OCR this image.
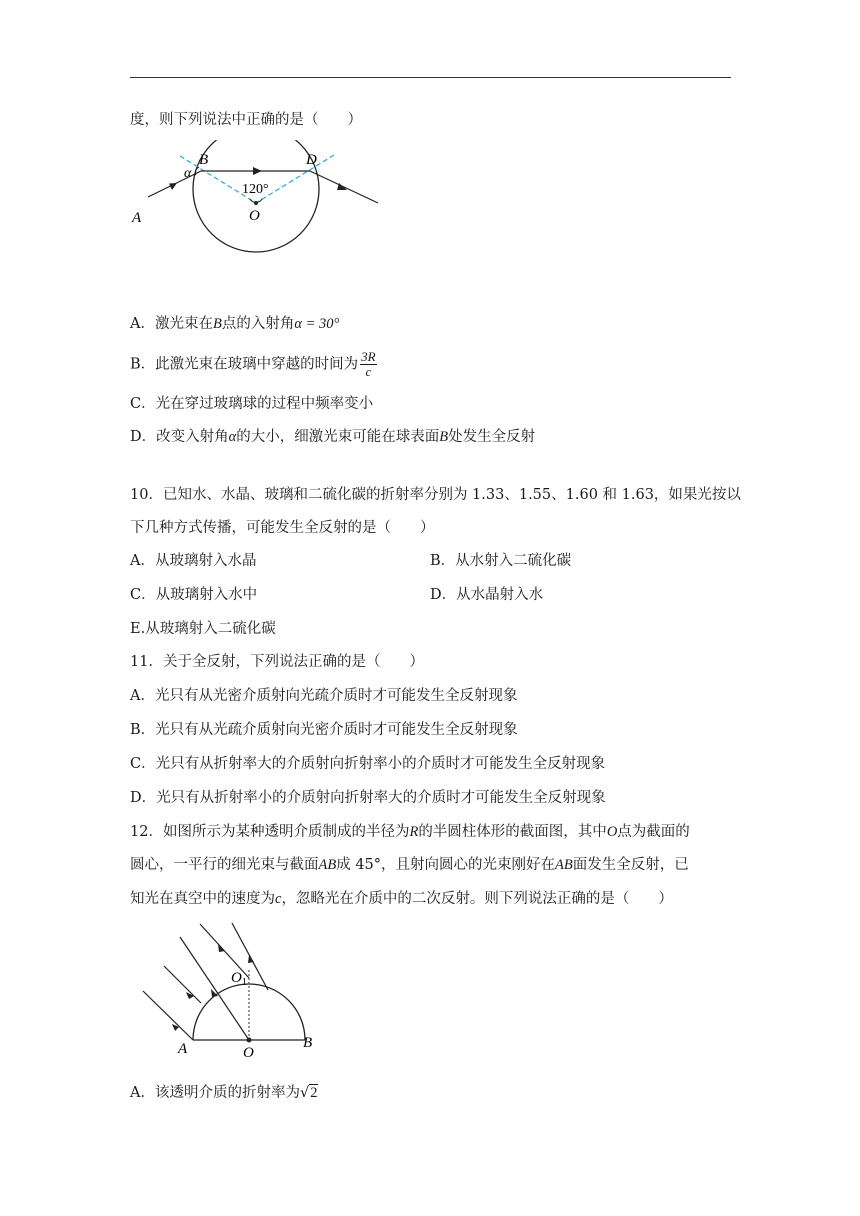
度，则下列说法中正确的是（　　）
B	D
α
120°
O
A
A．激光束在B点的入射角α = 30°
B．此激光束在玻璃中穿越的时间为 $\frac{3R}{c}$
C．光在穿过玻璃球的过程中频率变小
D．改变入射角α的大小，细激光束可能在球表面B处发生全反射
10．已知水、水晶、玻璃和二硫化碳的折射率分别为 1.33、1.55、1.60 和 1.63，如果光按以
下几种方式传播，可能发生全反射的是（　　）
A．从玻璃射入水晶	B．从水射入二硫化碳
C．从玻璃射入水中	D．从水晶射入水
E.从玻璃射入二硫化碳
11．关于全反射，下列说法正确的是（　　）
A．光只有从光密介质射向光疏介质时才可能发生全反射现象
B．光只有从光疏介质射向光密介质时才可能发生全反射现象
C．光只有从折射率大的介质射向折射率小的介质时才可能发生全反射现象
D．光只有从折射率小的介质射向折射率大的介质时才可能发生全反射现象
12．如图所示为某种透明介质制成的半径为R的半圆柱体形的截面图，其中O点为截面的
圆心，一平行的细光束与截面AB成 45°，且射向圆心的光束刚好在AB面发生全反射，已
知光在真空中的速度为c，忽略光在介质中的二次反射。则下列说法正确的是（　　）
$O_1$
A	O
B
A．该透明介质的折射率为√2
